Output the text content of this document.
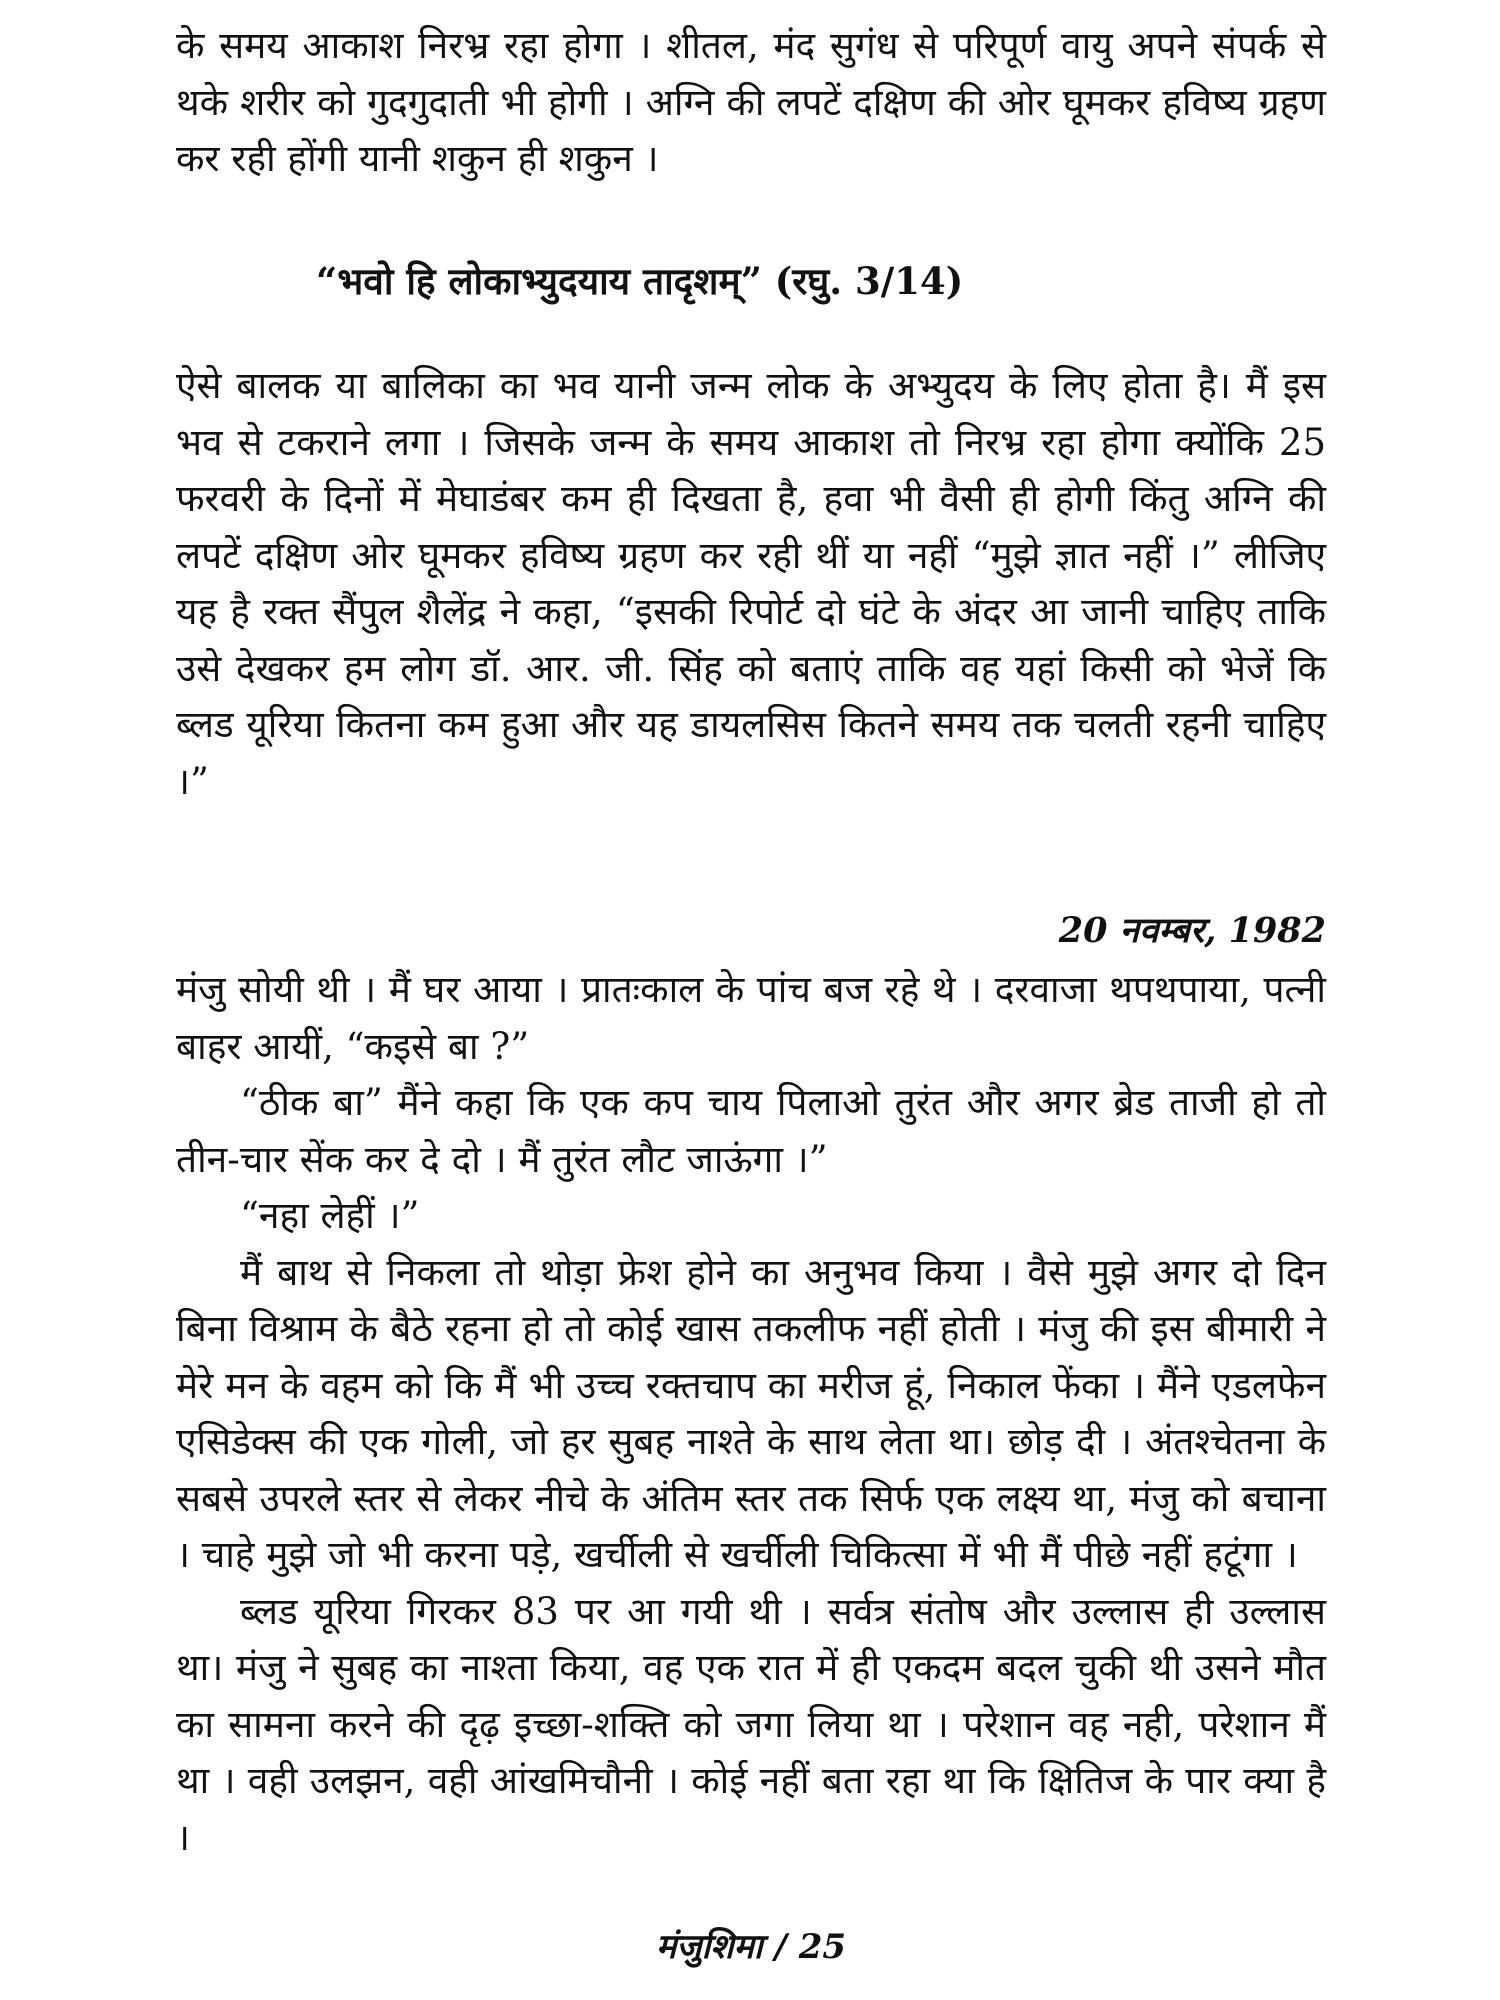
के समय आकाश निरभ्र रहा होगा । शीतल, मंद सुगंध से परिपूर्ण वायु अपने संपर्क से थके शरीर को गुदगुदाती भी होगी । अग्नि की लपटें दक्षिण की ओर घूमकर हविष्य ग्रहण कर रही होंगी यानी शकुन ही शकुन ।

“भवो हि लोकाभ्युदयाय तादृशम्” (रघु. 3/14)

ऐसे बालक या बालिका का भव यानी जन्म लोक के अभ्युदय के लिए होता है। मैं इस भव से टकराने लगा । जिसके जन्म के समय आकाश तो निरभ्र रहा होगा क्योंकि 25 फरवरी के दिनों में मेघाडंबर कम ही दिखता है, हवा भी वैसी ही होगी किंतु अग्नि की लपटें दक्षिण ओर घूमकर हविष्य ग्रहण कर रही थीं या नहीं “मुझे ज्ञात नहीं ।” लीजिए यह है रक्त सैंपुल शैलेंद्र ने कहा, “इसकी रिपोर्ट दो घंटे के अंदर आ जानी चाहिए ताकि उसे देखकर हम लोग डॉ. आर. जी. सिंह को बताएं ताकि वह यहां किसी को भेजें कि ब्लड यूरिया कितना कम हुआ और यह डायलसिस कितने समय तक चलती रहनी चाहिए ।”

20 नवम्बर, 1982

मंजु सोयी थी । मैं घर आया । प्रातःकाल के पांच बज रहे थे । दरवाजा थपथपाया, पत्नी बाहर आयीं, “कइसे बा ?”

“ठीक बा” मैंने कहा कि एक कप चाय पिलाओ तुरंत और अगर ब्रेड ताजी हो तो तीन-चार सेंक कर दे दो । मैं तुरंत लौट जाऊंगा ।”

“नहा लेहीं ।”

मैं बाथ से निकला तो थोड़ा फ्रेश होने का अनुभव किया । वैसे मुझे अगर दो दिन बिना विश्राम के बैठे रहना हो तो कोई खास तकलीफ नहीं होती । मंजु की इस बीमारी ने मेरे मन के वहम को कि मैं भी उच्च रक्तचाप का मरीज हूं, निकाल फेंका । मैंने एडलफेन एसिडेक्स की एक गोली, जो हर सुबह नाश्ते के साथ लेता था। छोड़ दी । अंतश्चेतना के सबसे उपरले स्तर से लेकर नीचे के अंतिम स्तर तक सिर्फ एक लक्ष्य था, मंजु को बचाना । चाहे मुझे जो भी करना पड़े, खर्चीली से खर्चीली चिकित्सा में भी मैं पीछे नहीं हटूंगा ।

ब्लड यूरिया गिरकर 83 पर आ गयी थी । सर्वत्र संतोष और उल्लास ही उल्लास था। मंजु ने सुबह का नाश्ता किया, वह एक रात में ही एकदम बदल चुकी थी उसने मौत का सामना करने की दृढ़ इच्छा-शक्ति को जगा लिया था । परेशान वह नही, परेशान मैं था । वही उलझन, वही आंखमिचौनी । कोई नहीं बता रहा था कि क्षितिज के पार क्या है ।

मंजुशिमा / 25
